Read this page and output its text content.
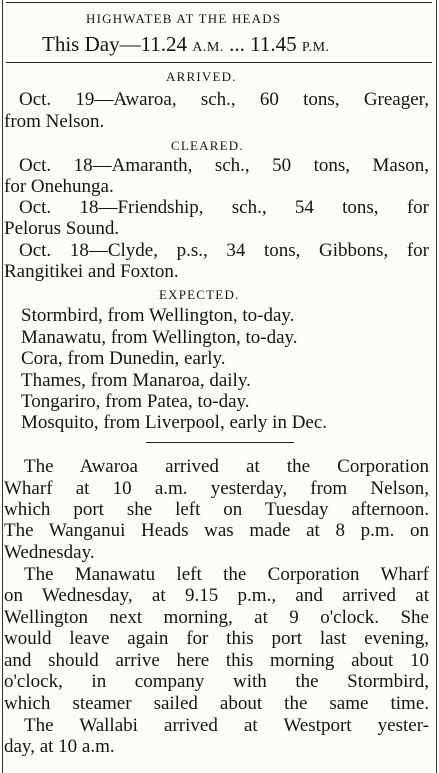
HIGHWATEB AT THE HEADS
This Day—11.24 A.M. ... 11.45 P.M.
ARRIVED.
Oct. 19—Awaroa, sch., 60 tons, Greager,
from Nelson.
CLEARED.
Oct. 18—Amaranth, sch., 50 tons, Mason,
for Onehunga.
Oct. 18—Friendship, sch., 54 tons, for
Pelorus Sound.
Oct. 18—Clyde, p.s., 34 tons, Gibbons, for
Rangitikei and Foxton.
EXPECTED.
Stormbird, from Wellington, to-day.
Manawatu, from Wellington, to-day.
Cora, from Dunedin, early.
Thames, from Manaroa, daily.
Tongariro, from Patea, to-day.
Mosquito, from Liverpool, early in Dec.
The Awaroa arrived at the Corporation
Wharf at 10 a.m. yesterday, from Nelson,
which port she left on Tuesday afternoon.
The Wanganui Heads was made at 8 p.m. on
Wednesday.
The Manawatu left the Corporation Wharf
on Wednesday, at 9.15 p.m., and arrived at
Wellington next morning, at 9 o'clock. She
would leave again for this port last evening,
and should arrive here this morning about 10
o'clock, in company with the Stormbird,
which steamer sailed about the same time.
The Wallabi arrived at Westport yester-
day, at 10 a.m.
